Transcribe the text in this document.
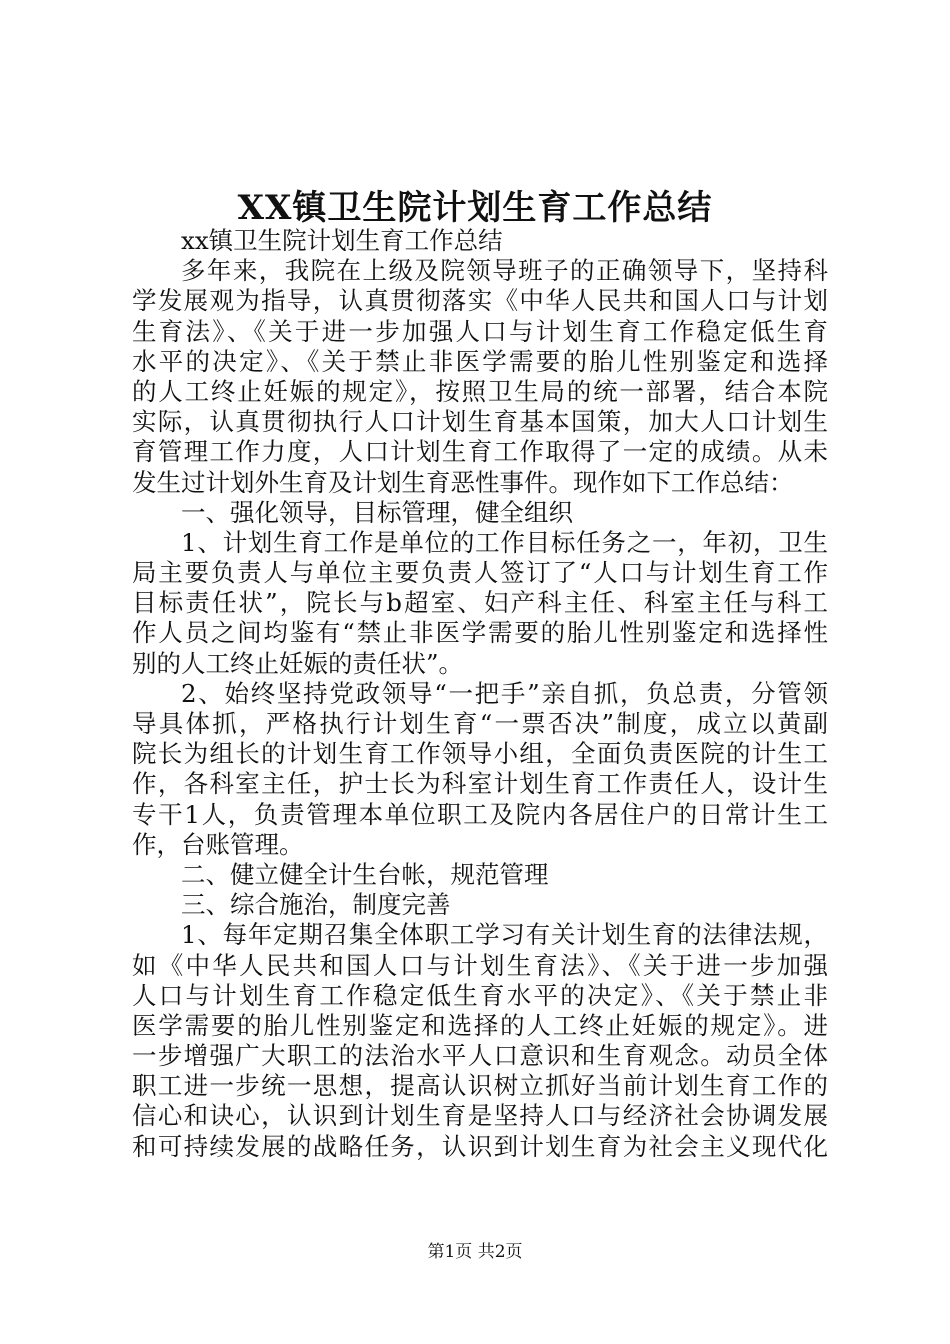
XX镇卫生院计划生育工作总结
xx镇卫生院计划生育工作总结
多年来，我院在上级及院领导班子的正确领导下，坚持科
学发展观为指导，认真贯彻落实《中华人民共和国人口与计划
生育法》、《关于进一步加强人口与计划生育工作稳定低生育
水平的决定》、《关于禁止非医学需要的胎儿性别鉴定和选择
的人工终止妊娠的规定》，按照卫生局的统一部署，结合本院
实际，认真贯彻执行人口计划生育基本国策，加大人口计划生
育管理工作力度，人口计划生育工作取得了一定的成绩。从未
发生过计划外生育及计划生育恶性事件。现作如下工作总结：
一、强化领导，目标管理，健全组织
1、计划生育工作是单位的工作目标任务之一，年初，卫生
局主要负责人与单位主要负责人签订了“人口与计划生育工作
目标责任状”，院长与b超室、妇产科主任、科室主任与科工
作人员之间均鉴有“禁止非医学需要的胎儿性别鉴定和选择性
别的人工终止妊娠的责任状”。
2、始终坚持党政领导“一把手”亲自抓，负总责，分管领
导具体抓，严格执行计划生育“一票否决”制度，成立以黄副
院长为组长的计划生育工作领导小组，全面负责医院的计生工
作，各科室主任，护士长为科室计划生育工作责任人，设计生
专干1人，负责管理本单位职工及院内各居住户的日常计生工
作，台账管理。
二、健立健全计生台帐，规范管理
三、综合施治，制度完善
1、每年定期召集全体职工学习有关计划生育的法律法规，
如《中华人民共和国人口与计划生育法》、《关于进一步加强
人口与计划生育工作稳定低生育水平的决定》、《关于禁止非
医学需要的胎儿性别鉴定和选择的人工终止妊娠的规定》。进
一步增强广大职工的法治水平人口意识和生育观念。动员全体
职工进一步统一思想，提高认识树立抓好当前计划生育工作的
信心和诀心，认识到计划生育是坚持人口与经济社会协调发展
和可持续发展的战略任务，认识到计划生育为社会主义现代化
第1页 共2页
